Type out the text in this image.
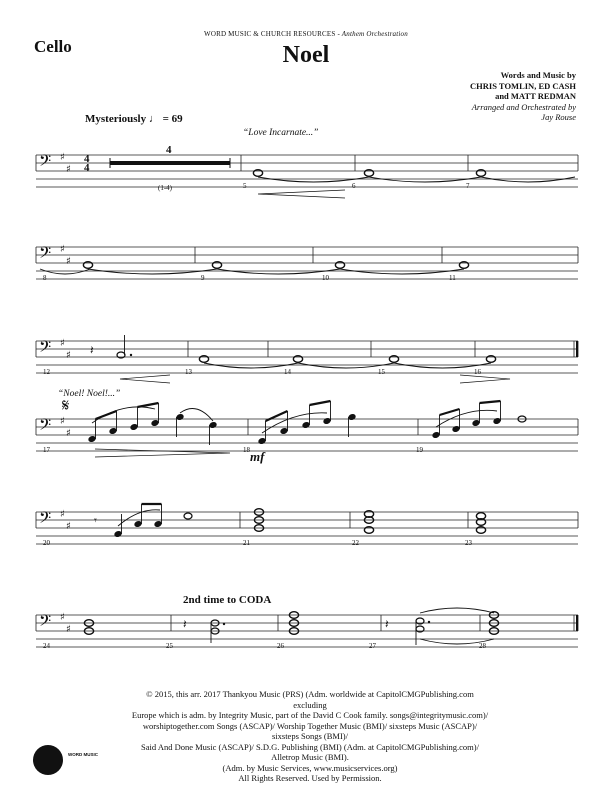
Cello
WORD MUSIC & CHURCH RESOURCES - Anthem Orchestration
Noel
Words and Music by
CHRIS TOMLIN, ED CASH
and MATT REDMAN
Arranged and Orchestrated by
Jay Rouse
Mysteriously ♩ = 69
“Love Incarnate...”
“Noel! Noel!...”
2nd time to CODA
𝄢 ♯
♯
5	6	7
𝄢 ♯
♯
8	9	10	11
𝄢 ♯
♯
12	13	14	15	16
𝄢 ♯
♯
17	18	19
𝄢 ♯
♯
20	21	22	23
𝄢 ♯
♯
24	25	26	27	28
4
4
4
(1-4)
𝄽
𝄋
mf
𝄾
𝄽	𝄽
© 2015, this arr. 2017 Thankyou Music (PRS) (Adm. worldwide at CapitolCMGPublishing.com excluding
Europe which is adm. by Integrity Music, part of the David C Cook family. songs@integritymusic.com)/
worshiptogether.com Songs (ASCAP)/ Worship Together Music (BMI)/ sixsteps Music (ASCAP)/ sixsteps Songs (BMI)/
Said And Done Music (ASCAP)/ S.D.G. Publishing (BMI) (Adm. at CapitolCMGPublishing.com)/ Alletrop Music (BMI).
(Adm. by Music Services, www.musicservices.org)
All Rights Reserved. Used by Permission.
WORD MUSIC
